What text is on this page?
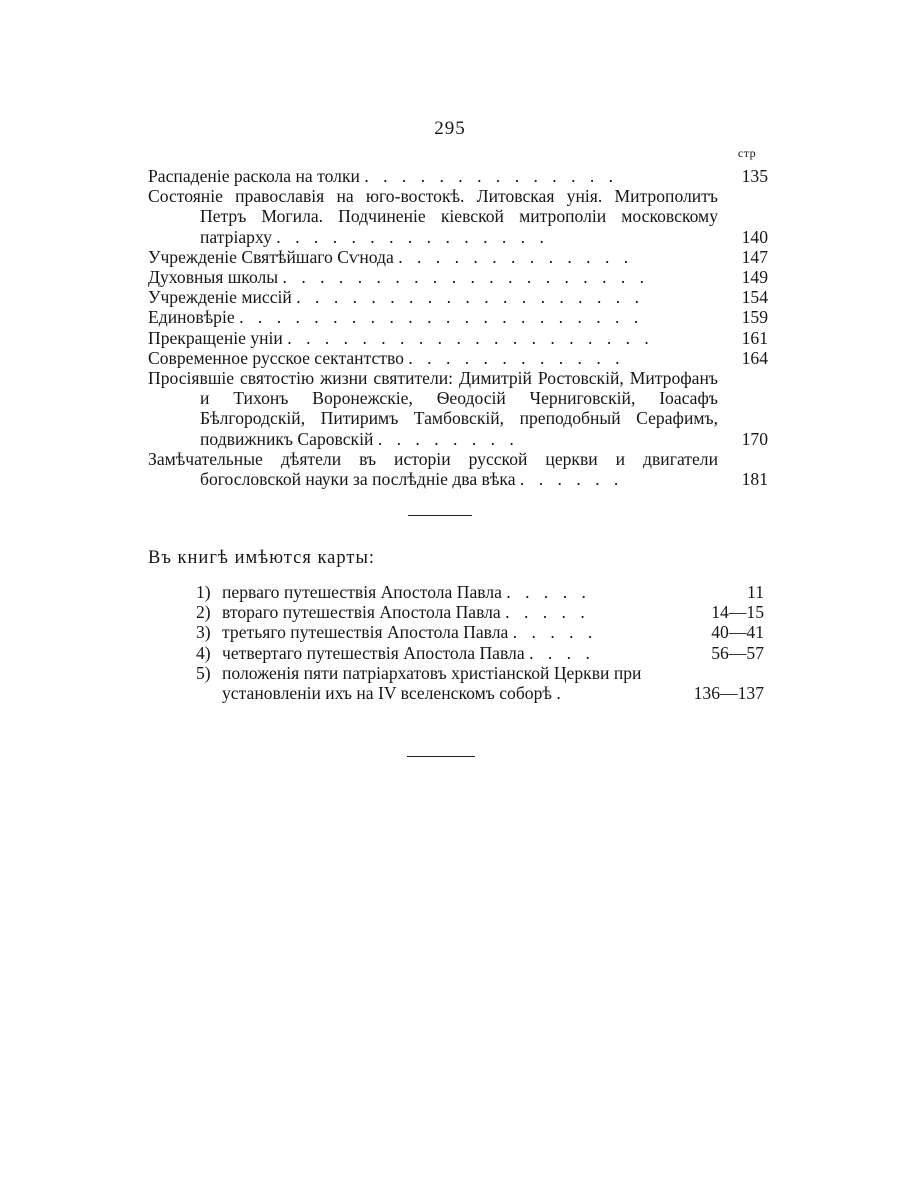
295
стр
Распаденіе раскола на толки . . . . . . . . . . . . . .	135
Состояніе православія на юго-востокѣ. Литовская унія. Митрополитъ Петръ Могила. Подчиненіе кіевской митрополіи московскому патріарху . . . . . . . . . . . . . . .	140
Учрежденіе Святѣйшаго Сѵнода . . . . . . . . . . . . .	147
Духовныя школы . . . . . . . . . . . . . . . . . . . .	149
Учрежденіе миссій . . . . . . . . . . . . . . . . . . .	154
Единовѣріе . . . . . . . . . . . . . . . . . . . . . .	159
Прекращеніе уніи . . . . . . . . . . . . . . . . . . . .	161
Современное русское сектантство . . . . . . . . . . . .	164
Просіявшіе святостію жизни святители: Димитрій Ростовскій, Митрофанъ и Тихонъ Воронежскіе, Ѳеодосій Черниговскій, Іоасафъ Бѣлгородскій, Питиримъ Тамбовскій, преподобный Серафимъ, подвижникъ Саровскій . . . . . . . .	170
Замѣчательные дѣятели въ исторіи русской церкви и двигатели богословской науки за послѣдніе два вѣка . . . . . .	181
Въ книгѣ имѣются карты:
1) перваго путешествія Апостола Павла . . . . .	11
2) втораго путешествія Апостола Павла . . . . .	14—15
3) третьяго путешествія Апостола Павла . . . . .	40—41
4) четвертаго путешествія Апостола Павла . . . .	56—57
5) положенія пяти патріархатовъ христіанской Церкви при установленіи ихъ на IV вселенскомъ соборѣ .	136—137
